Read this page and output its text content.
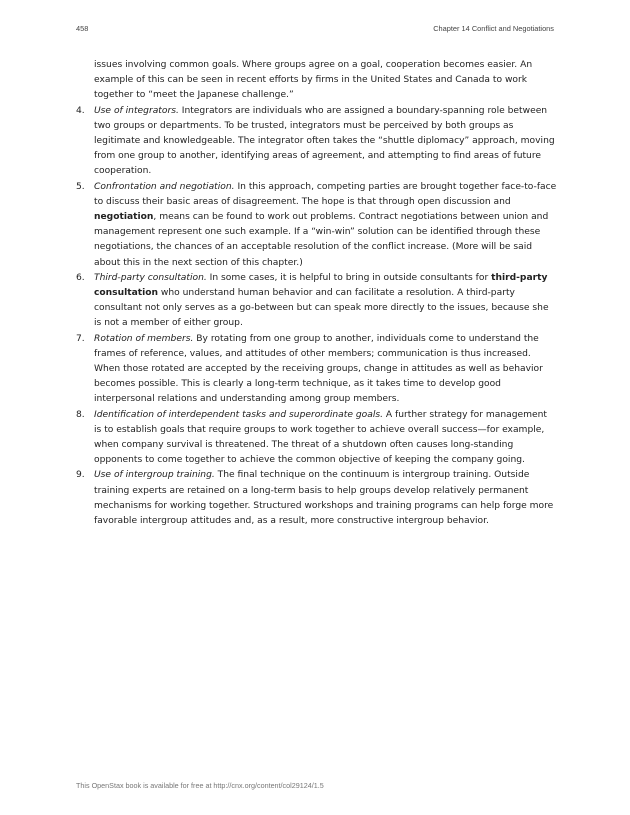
458	Chapter 14 Conflict and Negotiations

issues involving common goals. Where groups agree on a goal, cooperation becomes easier. An example of this can be seen in recent efforts by firms in the United States and Canada to work together to “meet the Japanese challenge.”

4. Use of integrators. Integrators are individuals who are assigned a boundary-spanning role between two groups or departments. To be trusted, integrators must be perceived by both groups as legitimate and knowledgeable. The integrator often takes the “shuttle diplomacy” approach, moving from one group to another, identifying areas of agreement, and attempting to find areas of future cooperation.
5. Confrontation and negotiation. In this approach, competing parties are brought together face-to-face to discuss their basic areas of disagreement. The hope is that through open discussion and negotiation, means can be found to work out problems. Contract negotiations between union and management represent one such example. If a “win-win” solution can be identified through these negotiations, the chances of an acceptable resolution of the conflict increase. (More will be said about this in the next section of this chapter.)
6. Third-party consultation. In some cases, it is helpful to bring in outside consultants for third-party consultation who understand human behavior and can facilitate a resolution. A third-party consultant not only serves as a go-between but can speak more directly to the issues, because she is not a member of either group.
7. Rotation of members. By rotating from one group to another, individuals come to understand the frames of reference, values, and attitudes of other members; communication is thus increased. When those rotated are accepted by the receiving groups, change in attitudes as well as behavior becomes possible. This is clearly a long-term technique, as it takes time to develop good interpersonal relations and understanding among group members.
8. Identification of interdependent tasks and superordinate goals. A further strategy for management is to establish goals that require groups to work together to achieve overall success—for example, when company survival is threatened. The threat of a shutdown often causes long-standing opponents to come together to achieve the common objective of keeping the company going.
9. Use of intergroup training. The final technique on the continuum is intergroup training. Outside training experts are retained on a long-term basis to help groups develop relatively permanent mechanisms for working together. Structured workshops and training programs can help forge more favorable intergroup attitudes and, as a result, more constructive intergroup behavior.
This OpenStax book is available for free at http://cnx.org/content/col29124/1.5
